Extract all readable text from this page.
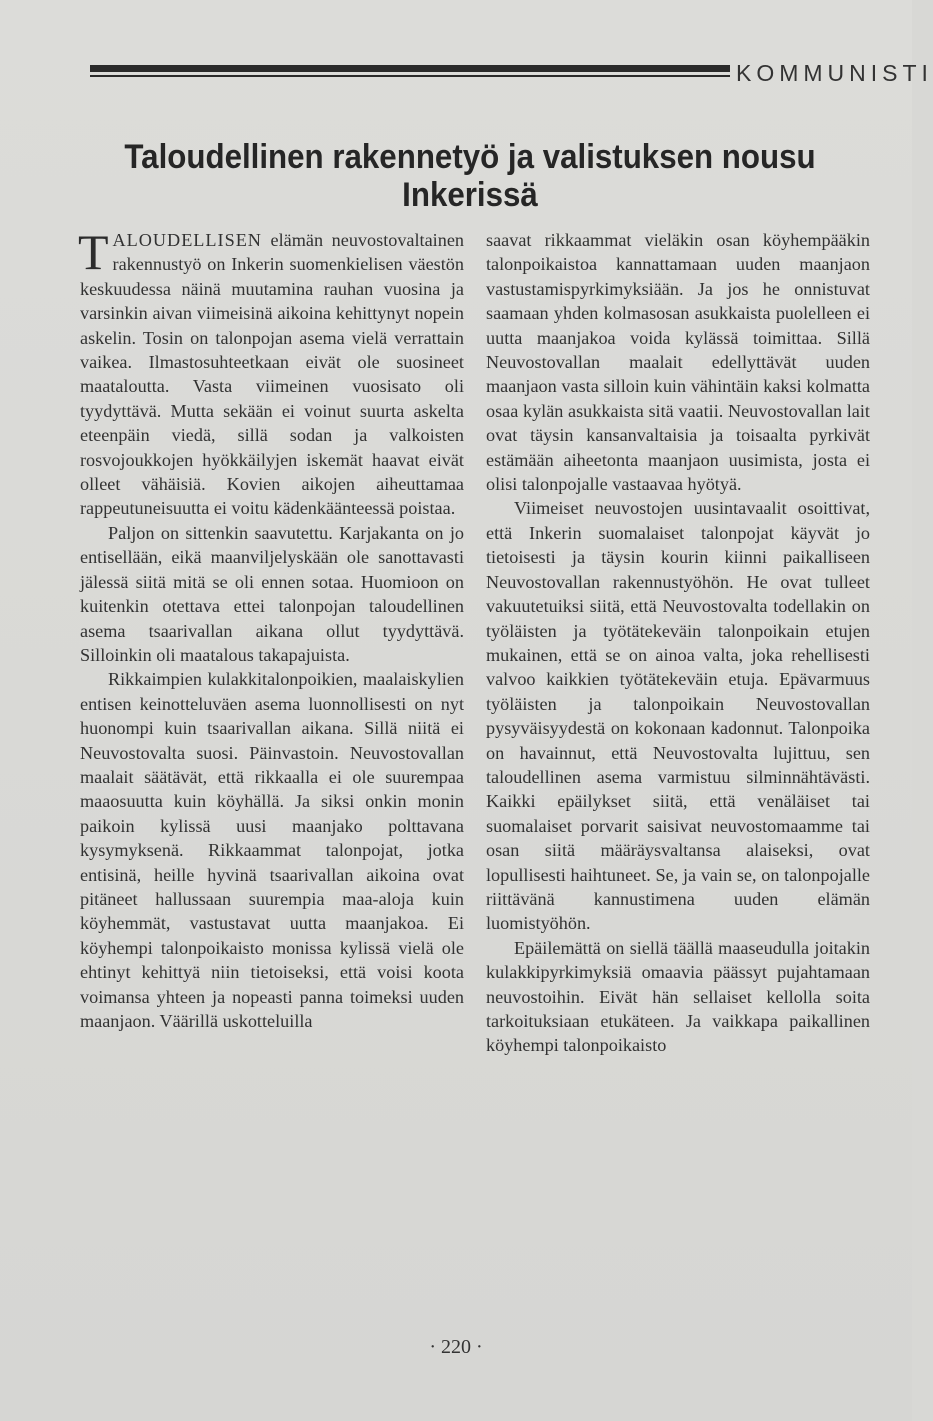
KOMMUNISTI
Taloudellinen rakennetyö ja valistuksen nousu
Inkerissä

TALOUDELLISEN elämän neuvostovaltainen rakennustyö on Inkerin suomenkielisen väestön keskuudessa näinä muutamina rauhan vuosina ja varsinkin aivan viimeisinä aikoina kehittynyt nopein askelin. Tosin on talonpojan asema vielä verrattain vaikea. Ilmastosuhteetkaan eivät ole suosineet maataloutta. Vasta viimeinen vuosisato oli tyydyttävä. Mutta sekään ei voinut suurta askelta eteenpäin viedä, sillä sodan ja valkoisten rosvojoukkojen hyökkäilyjen iskemät haavat eivät olleet vähäisiä. Kovien aikojen aiheuttamaa rappeutuneisuutta ei voitu kädenkäänteessä poistaa.

Paljon on sittenkin saavutettu. Karjakanta on jo entisellään, eikä maanviljelyskään ole sanottavasti jälessä siitä mitä se oli ennen sotaa. Huomioon on kuitenkin otettava ettei talonpojan taloudellinen asema tsaarivallan aikana ollut tyydyttävä. Silloinkin oli maatalous takapajuista.

Rikkaimpien kulakkitalonpoikien, maalaiskylien entisen keinotteluväen asema luonnollisesti on nyt huonompi kuin tsaarivallan aikana. Sillä niitä ei Neuvostovalta suosi. Päinvastoin. Neuvostovallan maalait säätävät, että rikkaalla ei ole suurempaa maaosuutta kuin köyhällä. Ja siksi onkin monin paikoin kylissä uusi maanjako polttavana kysymyksenä. Rikkaammat talonpojat, jotka entisinä, heille hyvinä tsaarivallan aikoina ovat pitäneet hallussaan suurempia maa-aloja kuin köyhemmät, vastustavat uutta maanjakoa. Ei köyhempi talonpoikaisto monissa kylissä vielä ole ehtinyt kehittyä niin tietoiseksi, että voisi koota voimansa yhteen ja nopeasti panna toimeksi uuden maanjaon. Väärillä uskotteluilla

saavat rikkaammat vieläkin osan köyhempääkin talonpoikaistoa kannattamaan uuden maanjaon vastustamispyrkimyksiään. Ja jos he onnistuvat saamaan yhden kolmasosan asukkaista puolelleen ei uutta maanjakoa voida kylässä toimittaa. Sillä Neuvostovallan maalait edellyttävät uuden maanjaon vasta silloin kuin vähintäin kaksi kolmatta osaa kylän asukkaista sitä vaatii. Neuvostovallan lait ovat täysin kansanvaltaisia ja toisaalta pyrkivät estämään aiheetonta maanjaon uusimista, josta ei olisi talonpojalle vastaavaa hyötyä.

Viimeiset neuvostojen uusintavaalit osoittivat, että Inkerin suomalaiset talonpojat käyvät jo tietoisesti ja täysin kourin kiinni paikalliseen Neuvostovallan rakennustyöhön. He ovat tulleet vakuutetuiksi siitä, että Neuvostovalta todellakin on työläisten ja työtätekeväin talonpoikain etujen mukainen, että se on ainoa valta, joka rehellisesti valvoo kaikkien työtätekeväin etuja. Epävarmuus työläisten ja talonpoikain Neuvostovallan pysyväisyydestä on kokonaan kadonnut. Talonpoika on havainnut, että Neuvostovalta lujittuu, sen taloudellinen asema varmistuu silminnähtävästi. Kaikki epäilykset siitä, että venäläiset tai suomalaiset porvarit saisivat neuvostomaamme tai osan siitä määräysvaltansa alaiseksi, ovat lopullisesti haihtuneet. Se, ja vain se, on talonpojalle riittävänä kannustimena uuden elämän luomistyöhön.

Epäilemättä on siellä täällä maaseudulla joitakin kulakkipyrkimyksiä omaavia päässyt pujahtamaan neuvostoihin. Eivät hän sellaiset kellolla soita tarkoituksiaan etukäteen. Ja vaikkapa paikallinen köyhempi talonpoikaisto

· 220 ·
